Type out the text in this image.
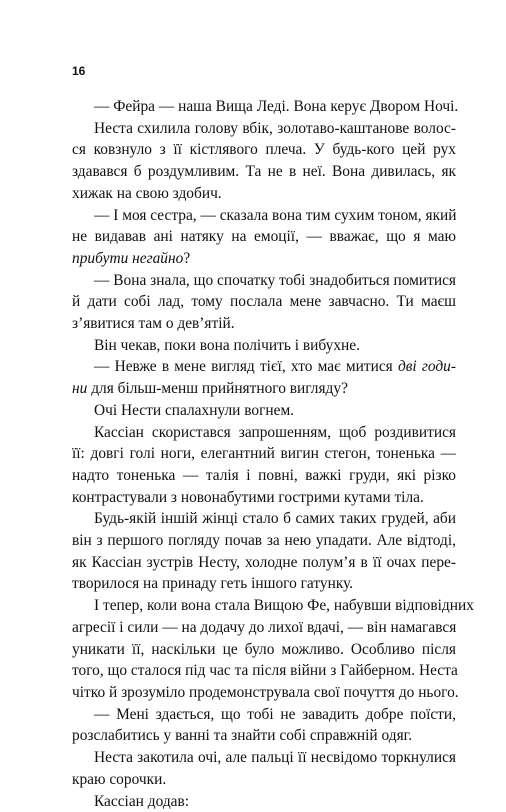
16
— Фейра — наша Вища Леді. Вона керує Двором Ночі.
Неста схилила голову вбік, золотаво-каштанове волос-
ся ковзнуло з її кістлявого плеча. У будь-кого цей рух
здавався б роздумливим. Та не в неї. Вона дивилась, як
хижак на свою здобич.
— І моя сестра, — сказала вона тим сухим тоном, який
не видавав ані натяку на емоції, — вважає, що я маю
прибути негайно?
— Вона знала, що спочатку тобі знадобиться помитися
й дати собі лад, тому послала мене завчасно. Ти маєш
з’явитися там о дев’ятій.
Він чекав, поки вона полічить і вибухне.
— Невже в мене вигляд тієї, хто має митися дві годи-
ни для більш-менш прийнятного вигляду?
Очі Нести спалахнули вогнем.
Кассіан скористався запрошенням, щоб роздивитися
її: довгі голі ноги, елегантний вигин стегон, тоненька —
надто тоненька — талія і повні, важкі груди, які різко
контрастували з новонабутими гострими кутами тіла.
Будь-якій іншій жінці стало б самих таких грудей, аби
він з першого погляду почав за нею упадати. Але відтоді,
як Кассіан зустрів Несту, холодне полум’я в її очах пере-
творилося на принаду геть іншого гатунку.
І тепер, коли вона стала Вищою Фе, набувши відповідних
агресії і сили — на додачу до лихої вдачі, — він намагався
уникати її, наскільки це було можливо. Особливо після
того, що сталося під час та після війни з Гайберном. Неста
чітко й зрозуміло продемонструвала свої почуття до нього.
— Мені здається, що тобі не завадить добре поїсти,
розслабитись у ванні та знайти собі справжній одяг.
Неста закотила очі, але пальці її несвідомо торкнулися
краю сорочки.
Кассіан додав:
